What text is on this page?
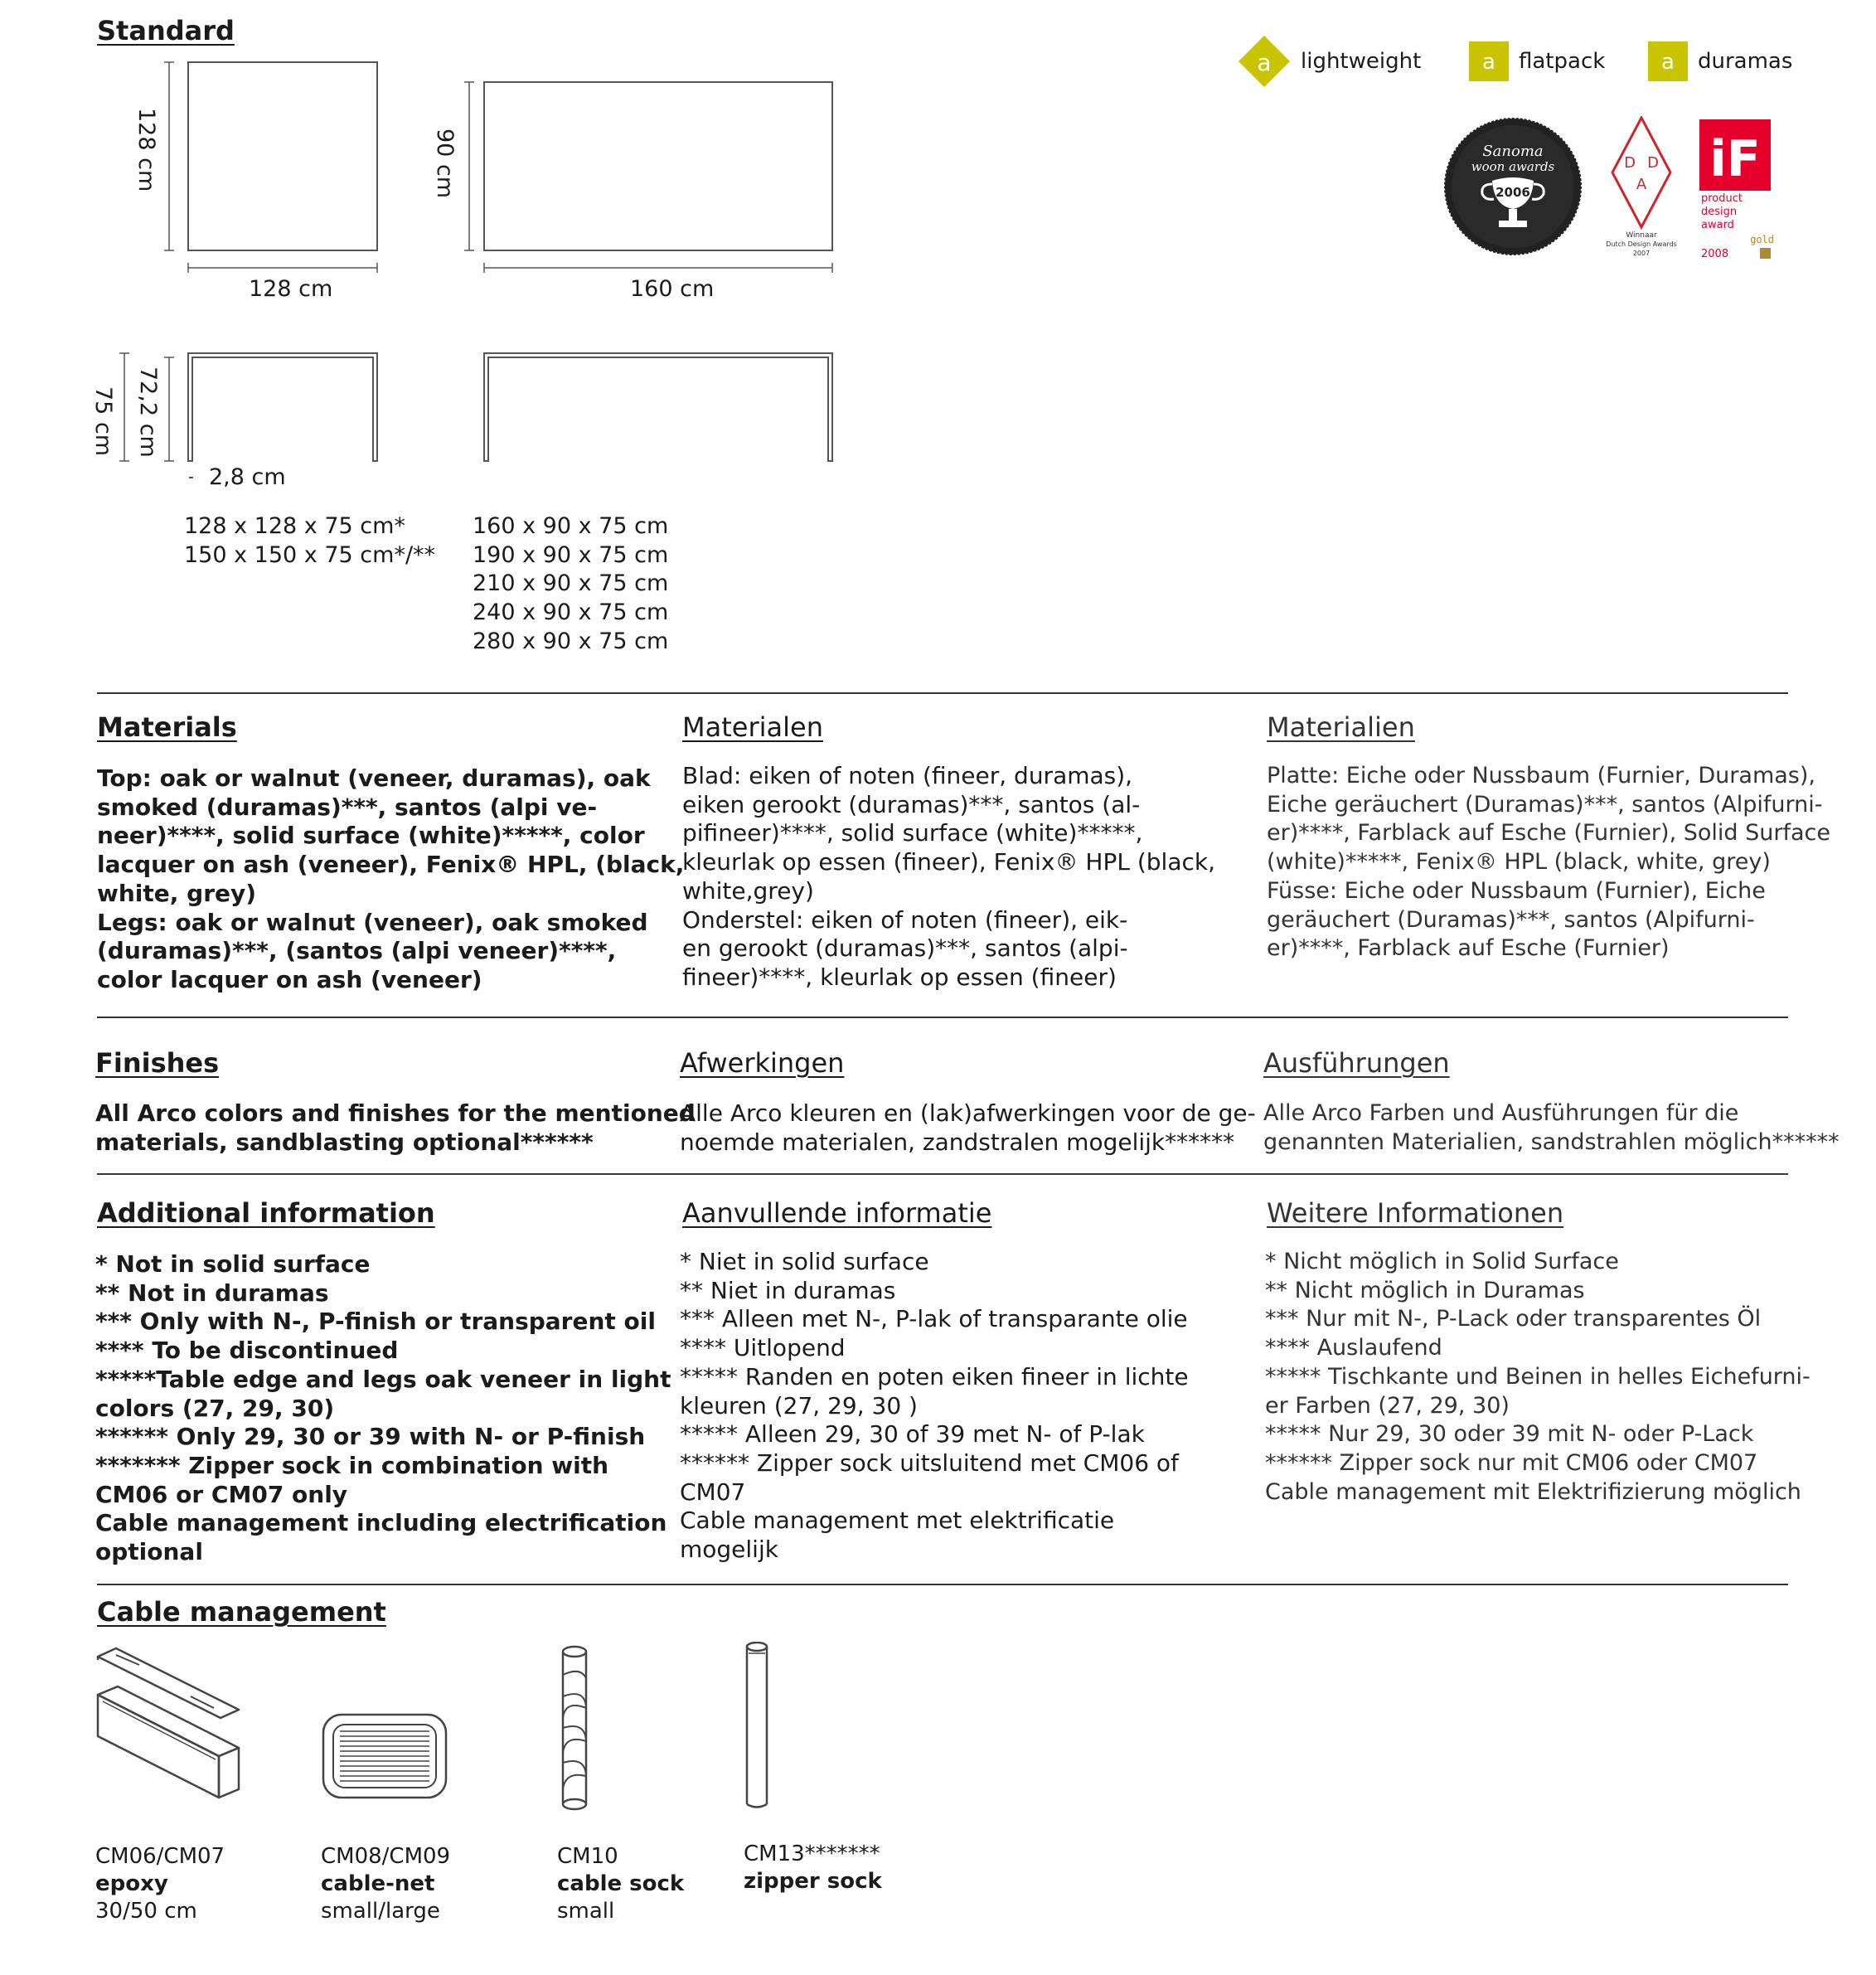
Standard
128 cm
128 cm
90 cm
160 cm
75 cm 72,2 cm
2,8 cm
128 x 128 x 75 cm*
150 x 150 x 75 cm*/**
160 x 90 x 75 cm
190 x 90 x 75 cm
210 x 90 x 75 cm
240 x 90 x 75 cm
280 x 90 x 75 cm
a lightweight	a flatpack	a duramas
Sanoma
woon awards
2006
D D
A
Winnaar
Dutch Design Awards
2007
iF
product
design
award
gold
2008
Materials
Top: oak or walnut (veneer, duramas), oak
smoked (duramas)***, santos (alpi ve-
neer)****, solid surface (white)*****, color
lacquer on ash (veneer), Fenix® HPL, (black,
white, grey)
Legs: oak or walnut (veneer), oak smoked
(duramas)***, (santos (alpi veneer)****,
color lacquer on ash (veneer)
Materialen
Blad: eiken of noten (fineer, duramas),
eiken gerookt (duramas)***, santos (al-
pifineer)****, solid surface (white)*****,
kleurlak op essen (fineer), Fenix® HPL (black,
white,grey)
Onderstel: eiken of noten (fineer), eik-
en gerookt (duramas)***, santos (alpi-
fineer)****, kleurlak op essen (fineer)
Materialien
Platte: Eiche oder Nussbaum (Furnier, Duramas),
Eiche geräuchert (Duramas)***, santos (Alpifurni-
er)****, Farblack auf Esche (Furnier), Solid Surface
(white)*****, Fenix® HPL (black, white, grey)
Füsse: Eiche oder Nussbaum (Furnier), Eiche
geräuchert (Duramas)***, santos (Alpifurni-
er)****, Farblack auf Esche (Furnier)
Finishes
All Arco colors and finishes for the mentioned
materials, sandblasting optional******
Afwerkingen
Alle Arco kleuren en (lak)afwerkingen voor de ge-
noemde materialen, zandstralen mogelijk******
Ausführungen
Alle Arco Farben und Ausführungen für die
genannten Materialien, sandstrahlen möglich******
Additional information
* Not in solid surface
** Not in duramas
*** Only with N-, P-finish or transparent oil
**** To be discontinued
*****Table edge and legs oak veneer in light
colors (27, 29, 30)
****** Only 29, 30 or 39 with N- or P-finish
******* Zipper sock in combination with
CM06 or CM07 only
Cable management including electrification
optional
Aanvullende informatie
* Niet in solid surface
** Niet in duramas
*** Alleen met N-, P-lak of transparante olie
**** Uitlopend
***** Randen en poten eiken fineer in lichte
kleuren (27, 29, 30 )
***** Alleen 29, 30 of 39 met N- of P-lak
****** Zipper sock uitsluitend met CM06 of
CM07
Cable management met elektrificatie
mogelijk
Weitere Informationen
* Nicht möglich in Solid Surface
** Nicht möglich in Duramas
*** Nur mit N-, P-Lack oder transparentes Öl
**** Auslaufend
***** Tischkante und Beinen in helles Eichefurni-
er Farben (27, 29, 30)
***** Nur 29, 30 oder 39 mit N- oder P-Lack
****** Zipper sock nur mit CM06 oder CM07
Cable management mit Elektrifizierung möglich
Cable management
CM06/CM07
epoxy
30/50 cm
CM08/CM09
cable-net
small/large
CM10
cable sock
small
CM13*******
zipper sock
